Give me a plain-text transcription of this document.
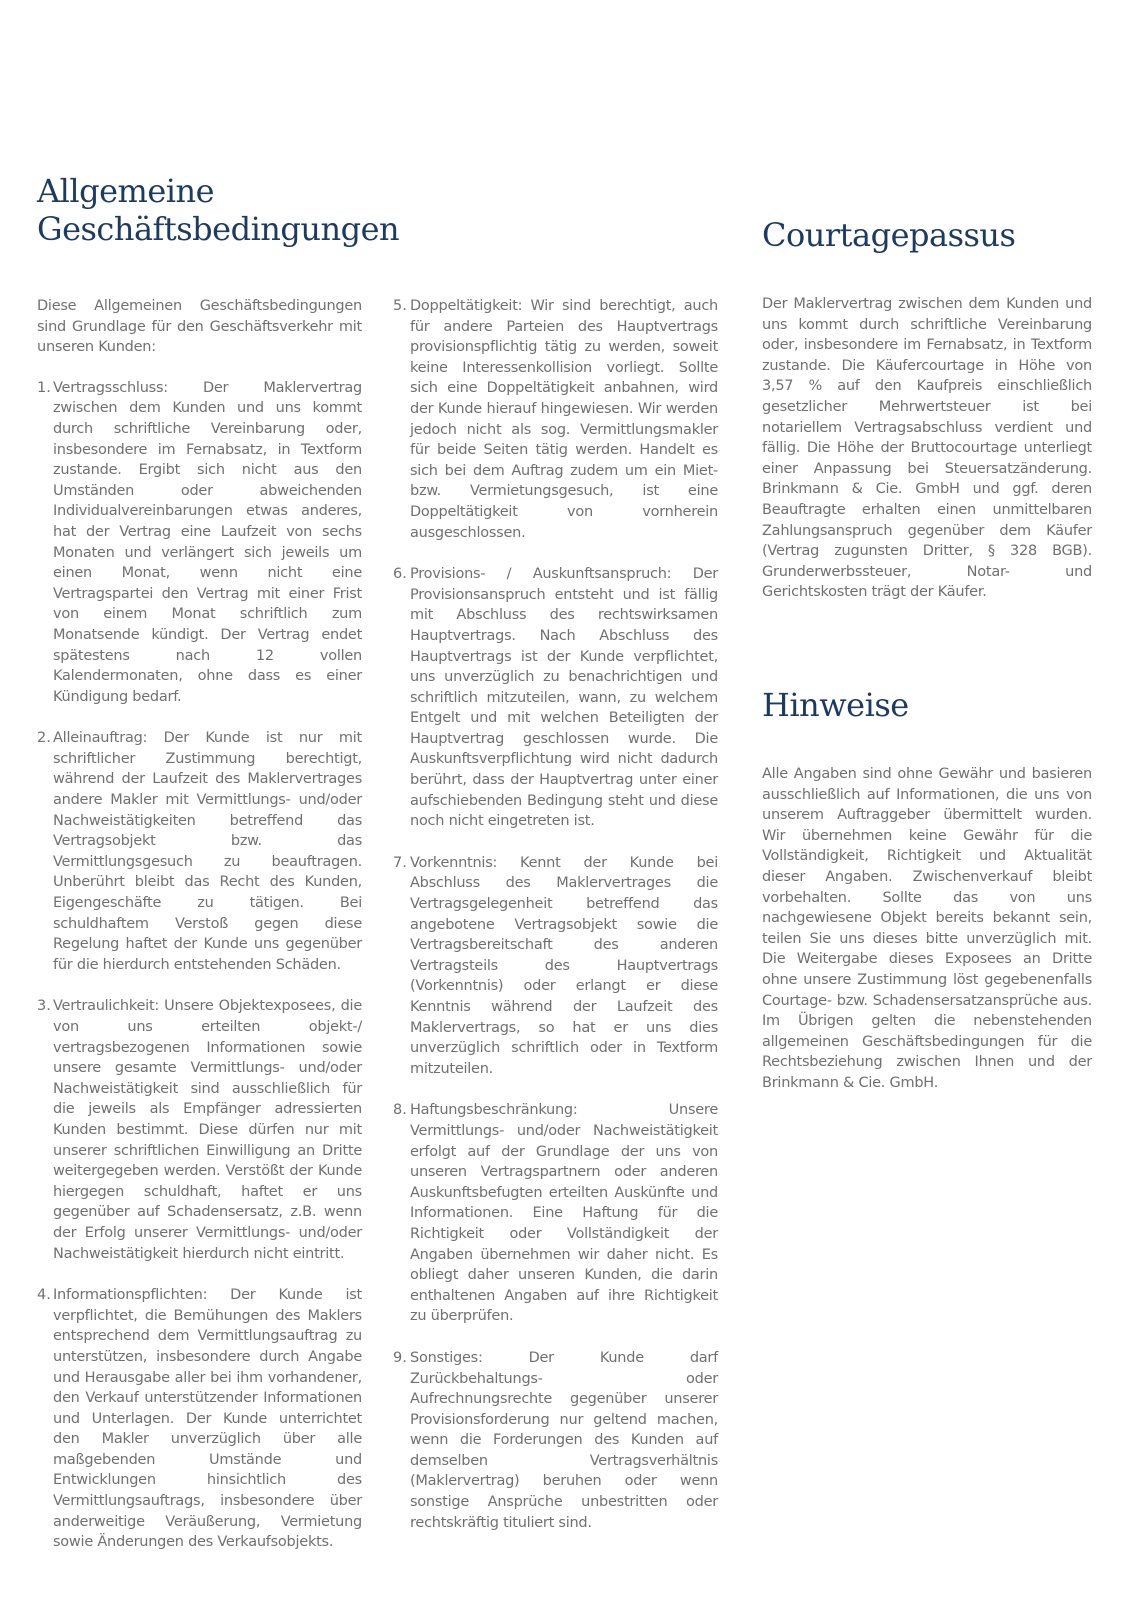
Allgemeine
Geschäftsbedingungen

Diese Allgemeinen Geschäftsbedingungen sind Grundlage für den Geschäftsverkehr mit unseren Kunden:

1. Vertragsschluss: Der Maklervertrag zwischen dem Kunden und uns kommt durch schriftliche Vereinbarung oder, insbesondere im Fernabsatz, in Textform zustande. Ergibt sich nicht aus den Umständen oder abweichenden Individualvereinbarungen etwas anderes, hat der Vertrag eine Laufzeit von sechs Monaten und verlängert sich jeweils um einen Monat, wenn nicht eine Vertragspartei den Vertrag mit einer Frist von einem Monat schriftlich zum Monatsende kündigt. Der Vertrag endet spätestens nach 12 vollen Kalendermonaten, ohne dass es einer Kündigung bedarf.
2. Alleinauftrag: Der Kunde ist nur mit schriftlicher Zustimmung berechtigt, während der Laufzeit des Maklervertrages andere Makler mit Vermittlungs- und/oder Nachweistätigkeiten betreffend das Vertragsobjekt bzw. das Vermittlungsgesuch zu beauftragen. Unberührt bleibt das Recht des Kunden, Eigengeschäfte zu tätigen. Bei schuldhaftem Verstoß gegen diese Regelung haftet der Kunde uns gegenüber für die hierdurch entstehenden Schäden.
3. Vertraulichkeit: Unsere Objektexposees, die von uns erteilten objekt-/ vertragsbezogenen Informationen sowie unsere gesamte Vermittlungs- und/oder Nachweistätigkeit sind ausschließlich für die jeweils als Empfänger adressierten Kunden bestimmt. Diese dürfen nur mit unserer schriftlichen Einwilligung an Dritte weitergegeben werden. Verstößt der Kunde hiergegen schuldhaft, haftet er uns gegenüber auf Schadensersatz, z.B. wenn der Erfolg unserer Vermittlungs- und/oder Nachweistätigkeit hierdurch nicht eintritt.
4. Informationspflichten: Der Kunde ist verpflichtet, die Bemühungen des Maklers entsprechend dem Vermittlungsauftrag zu unterstützen, insbesondere durch Angabe und Herausgabe aller bei ihm vorhandener, den Verkauf unterstützender Informationen und Unterlagen. Der Kunde unterrichtet den Makler unverzüglich über alle maßgebenden Umstände und Entwicklungen hinsichtlich des Vermittlungsauftrags, insbesondere über anderweitige Veräußerung, Vermietung sowie Änderungen des Verkaufsobjekts.
5. Doppeltätigkeit: Wir sind berechtigt, auch für andere Parteien des Hauptvertrags provisionspflichtig tätig zu werden, soweit keine Interessenkollision vorliegt. Sollte sich eine Doppeltätigkeit anbahnen, wird der Kunde hierauf hingewiesen. Wir werden jedoch nicht als sog. Vermittlungsmakler für beide Seiten tätig werden. Handelt es sich bei dem Auftrag zudem um ein Miet- bzw. Vermietungsgesuch, ist eine Doppeltätigkeit von vornherein ausgeschlossen.
6. Provisions- / Auskunftsanspruch: Der Provisionsanspruch entsteht und ist fällig mit Abschluss des rechtswirksamen Hauptvertrags. Nach Abschluss des Hauptvertrags ist der Kunde verpflichtet, uns unverzüglich zu benachrichtigen und schriftlich mitzuteilen, wann, zu welchem Entgelt und mit welchen Beteiligten der Hauptvertrag geschlossen wurde. Die Auskunftsverpflichtung wird nicht dadurch berührt, dass der Hauptvertrag unter einer aufschiebenden Bedingung steht und diese noch nicht eingetreten ist.
7. Vorkenntnis: Kennt der Kunde bei Abschluss des Maklervertrages die Vertragsgelegenheit betreffend das angebotene Vertragsobjekt sowie die Vertragsbereitschaft des anderen Vertragsteils des Hauptvertrags (Vorkenntnis) oder erlangt er diese Kenntnis während der Laufzeit des Maklervertrags, so hat er uns dies unverzüglich schriftlich oder in Textform mitzuteilen.
8. Haftungsbeschränkung: Unsere Vermittlungs- und/oder Nachweistätigkeit erfolgt auf der Grundlage der uns von unseren Vertragspartnern oder anderen Auskunftsbefugten erteilten Auskünfte und Informationen. Eine Haftung für die Richtigkeit oder Vollständigkeit der Angaben übernehmen wir daher nicht. Es obliegt daher unseren Kunden, die darin enthaltenen Angaben auf ihre Richtigkeit zu überprüfen.
9. Sonstiges: Der Kunde darf Zurückbehaltungs- oder Aufrechnungsrechte gegenüber unserer Provisionsforderung nur geltend machen, wenn die Forderungen des Kunden auf demselben Vertragsverhältnis (Maklervertrag) beruhen oder wenn sonstige Ansprüche unbestritten oder rechtskräftig tituliert sind.
Courtagepassus

Der Maklervertrag zwischen dem Kunden und uns kommt durch schriftliche Vereinbarung oder, insbesondere im Fernabsatz, in Textform zustande. Die Käufercourtage in Höhe von 3,57 % auf den Kaufpreis einschließlich gesetzlicher Mehrwertsteuer ist bei notariellem Vertragsabschluss verdient und fällig. Die Höhe der Bruttocourtage unterliegt einer Anpassung bei Steuersatzänderung. Brinkmann & Cie. GmbH und ggf. deren Beauftragte erhalten einen unmittelbaren Zahlungsanspruch gegenüber dem Käufer (Vertrag zugunsten Dritter, § 328 BGB). Grunderwerbssteuer, Notar- und Gerichtskosten trägt der Käufer.

Hinweise

Alle Angaben sind ohne Gewähr und basieren ausschließlich auf Informationen, die uns von unserem Auftraggeber übermittelt wurden. Wir übernehmen keine Gewähr für die Vollständigkeit, Richtigkeit und Aktualität dieser Angaben. Zwischenverkauf bleibt vorbehalten. Sollte das von uns nachgewiesene Objekt bereits bekannt sein, teilen Sie uns dieses bitte unverzüglich mit. Die Weitergabe dieses Exposees an Dritte ohne unsere Zustimmung löst gegebenenfalls Courtage- bzw. Schadensersatzansprüche aus. Im Übrigen gelten die nebenstehenden allgemeinen Geschäftsbedingungen für die Rechtsbeziehung zwischen Ihnen und der Brinkmann & Cie. GmbH.
